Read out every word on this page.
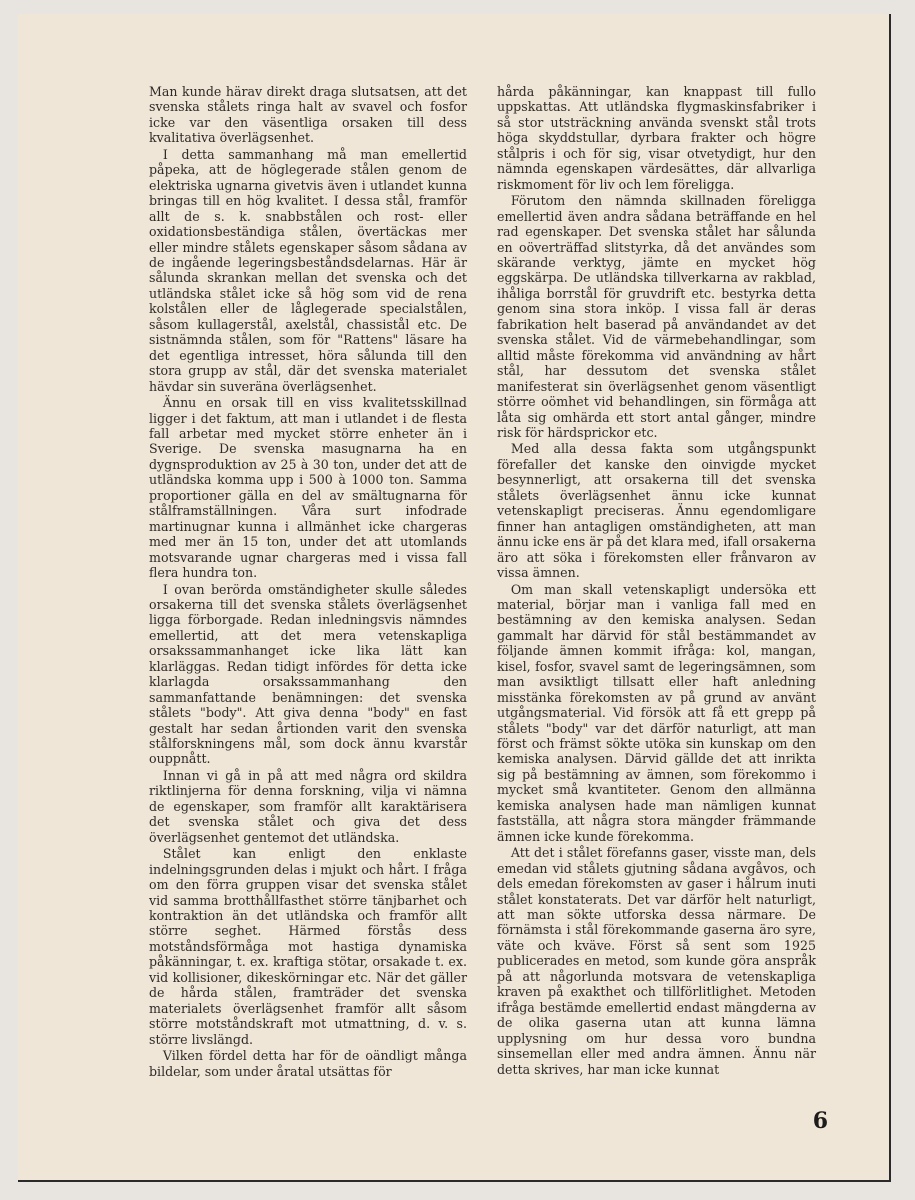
Man kunde härav direkt draga slutsatsen, att det svenska stålets ringa halt av svavel och fosfor icke var den väsentliga orsaken till dess kvalitativa överlägsenhet.

I detta sammanhang må man emellertid påpeka, att de höglegerade stålen genom de elektriska ugnarna givetvis även i utlandet kunna bringas till en hög kvalitet. I dessa stål, framför allt de s. k. snabbstålen och rost- eller oxidationsbeständiga stålen, övertäckas mer eller mindre stålets egenskaper såsom sådana av de ingående legeringsbeståndsdelarnas. Här är sålunda skrankan mellan det svenska och det utländska stålet icke så hög som vid de rena kolstålen eller de låglegerade specialstålen, såsom kullagerstål, axelstål, chassistål etc. De sistnämnda stålen, som för "Rattens" läsare ha det egentliga intresset, höra sålunda till den stora grupp av stål, där det svenska materialet hävdar sin suveräna överlägsenhet.

Ännu en orsak till en viss kvalitetsskillnad ligger i det faktum, att man i utlandet i de flesta fall arbetar med mycket större enheter än i Sverige. De svenska masugnarna ha en dygnsproduktion av 25 à 30 ton, under det att de utländska komma upp i 500 à 1000 ton. Samma proportioner gälla en del av smältugnarna för stålframställningen. Våra surt infodrade martinugnar kunna i allmänhet icke chargeras med mer än 15 ton, under det att utomlands motsvarande ugnar chargeras med i vissa fall flera hundra ton.

I ovan berörda omständigheter skulle således orsakerna till det svenska stålets överlägsenhet ligga förborgade. Redan inledningsvis nämndes emellertid, att det mera vetenskapliga orsakssammanhanget icke lika lätt kan klarläggas. Redan tidigt infördes för detta icke klarlagda orsakssammanhang den sammanfattande benämningen: det svenska stålets "body". Att giva denna "body" en fast gestalt har sedan årtionden varit den svenska stålforskningens mål, som dock ännu kvarstår ouppnått.

Innan vi gå in på att med några ord skildra riktlinjerna för denna forskning, vilja vi nämna de egenskaper, som framför allt karaktärisera det svenska stålet och giva det dess överlägsenhet gentemot det utländska.

Stålet kan enligt den enklaste indelningsgrunden delas i mjukt och hårt. I fråga om den förra gruppen visar det svenska stålet vid samma brotthållfasthet större tänjbarhet och kontraktion än det utländska och framför allt större seghet. Härmed förstås dess motståndsförmåga mot hastiga dynamiska påkänningar, t. ex. kraftiga stötar, orsakade t. ex. vid kollisioner, dikeskörningar etc. När det gäller de hårda stålen, framträder det svenska materialets överlägsenhet framför allt såsom större motståndskraft mot utmattning, d. v. s. större livslängd.

Vilken fördel detta har för de oändligt många bildelar, som under åratal utsättas för

hårda påkänningar, kan knappast till fullo uppskattas. Att utländska flygmaskinsfabriker i så stor utsträckning använda svenskt stål trots höga skyddstullar, dyrbara frakter och högre stålpris i och för sig, visar otvetydigt, hur den nämnda egenskapen värdesättes, där allvarliga riskmoment för liv och lem föreligga.

Förutom den nämnda skillnaden föreligga emellertid även andra sådana beträffande en hel rad egenskaper. Det svenska stålet har sålunda en oöverträffad slitstyrka, då det användes som skärande verktyg, jämte en mycket hög eggskärpa. De utländska tillverkarna av rakblad, ihåliga borrstål för gruvdrift etc. bestyrka detta genom sina stora inköp. I vissa fall är deras fabrikation helt baserad på användandet av det svenska stålet. Vid de värmebehandlingar, som alltid måste förekomma vid användning av hårt stål, har dessutom det svenska stålet manifesterat sin överlägsenhet genom väsentligt större oömhet vid behandlingen, sin förmåga att låta sig omhärda ett stort antal gånger, mindre risk för härdsprickor etc.

Med alla dessa fakta som utgångspunkt förefaller det kanske den oinvigde mycket besynnerligt, att orsakerna till det svenska stålets överlägsenhet ännu icke kunnat vetenskapligt preciseras. Ännu egendomligare finner han antagligen omständigheten, att man ännu icke ens är på det klara med, ifall orsakerna äro att söka i förekomsten eller frånvaron av vissa ämnen.

Om man skall vetenskapligt undersöka ett material, börjar man i vanliga fall med en bestämning av den kemiska analysen. Sedan gammalt har därvid för stål bestämmandet av följande ämnen kommit ifråga: kol, mangan, kisel, fosfor, svavel samt de legeringsämnen, som man avsiktligt tillsatt eller haft anledning misstänka förekomsten av på grund av använt utgångsmaterial. Vid försök att få ett grepp på stålets "body" var det därför naturligt, att man först och främst sökte utöka sin kunskap om den kemiska analysen. Därvid gällde det att inrikta sig på bestämning av ämnen, som förekommo i mycket små kvantiteter. Genom den allmänna kemiska analysen hade man nämligen kunnat fastställa, att några stora mängder främmande ämnen icke kunde förekomma.

Att det i stålet förefanns gaser, visste man, dels emedan vid stålets gjutning sådana avgåvos, och dels emedan förekomsten av gaser i hålrum inuti stålet konstaterats. Det var därför helt naturligt, att man sökte utforska dessa närmare. De förnämsta i stål förekommande gaserna äro syre, väte och kväve. Först så sent som 1925 publicerades en metod, som kunde göra anspråk på att någorlunda motsvara de vetenskapliga kraven på exakthet och tillförlitlighet. Metoden ifråga bestämde emellertid endast mängderna av de olika gaserna utan att kunna lämna upplysning om hur dessa voro bundna sinsemellan eller med andra ämnen. Ännu när detta skrives, har man icke kunnat

6
